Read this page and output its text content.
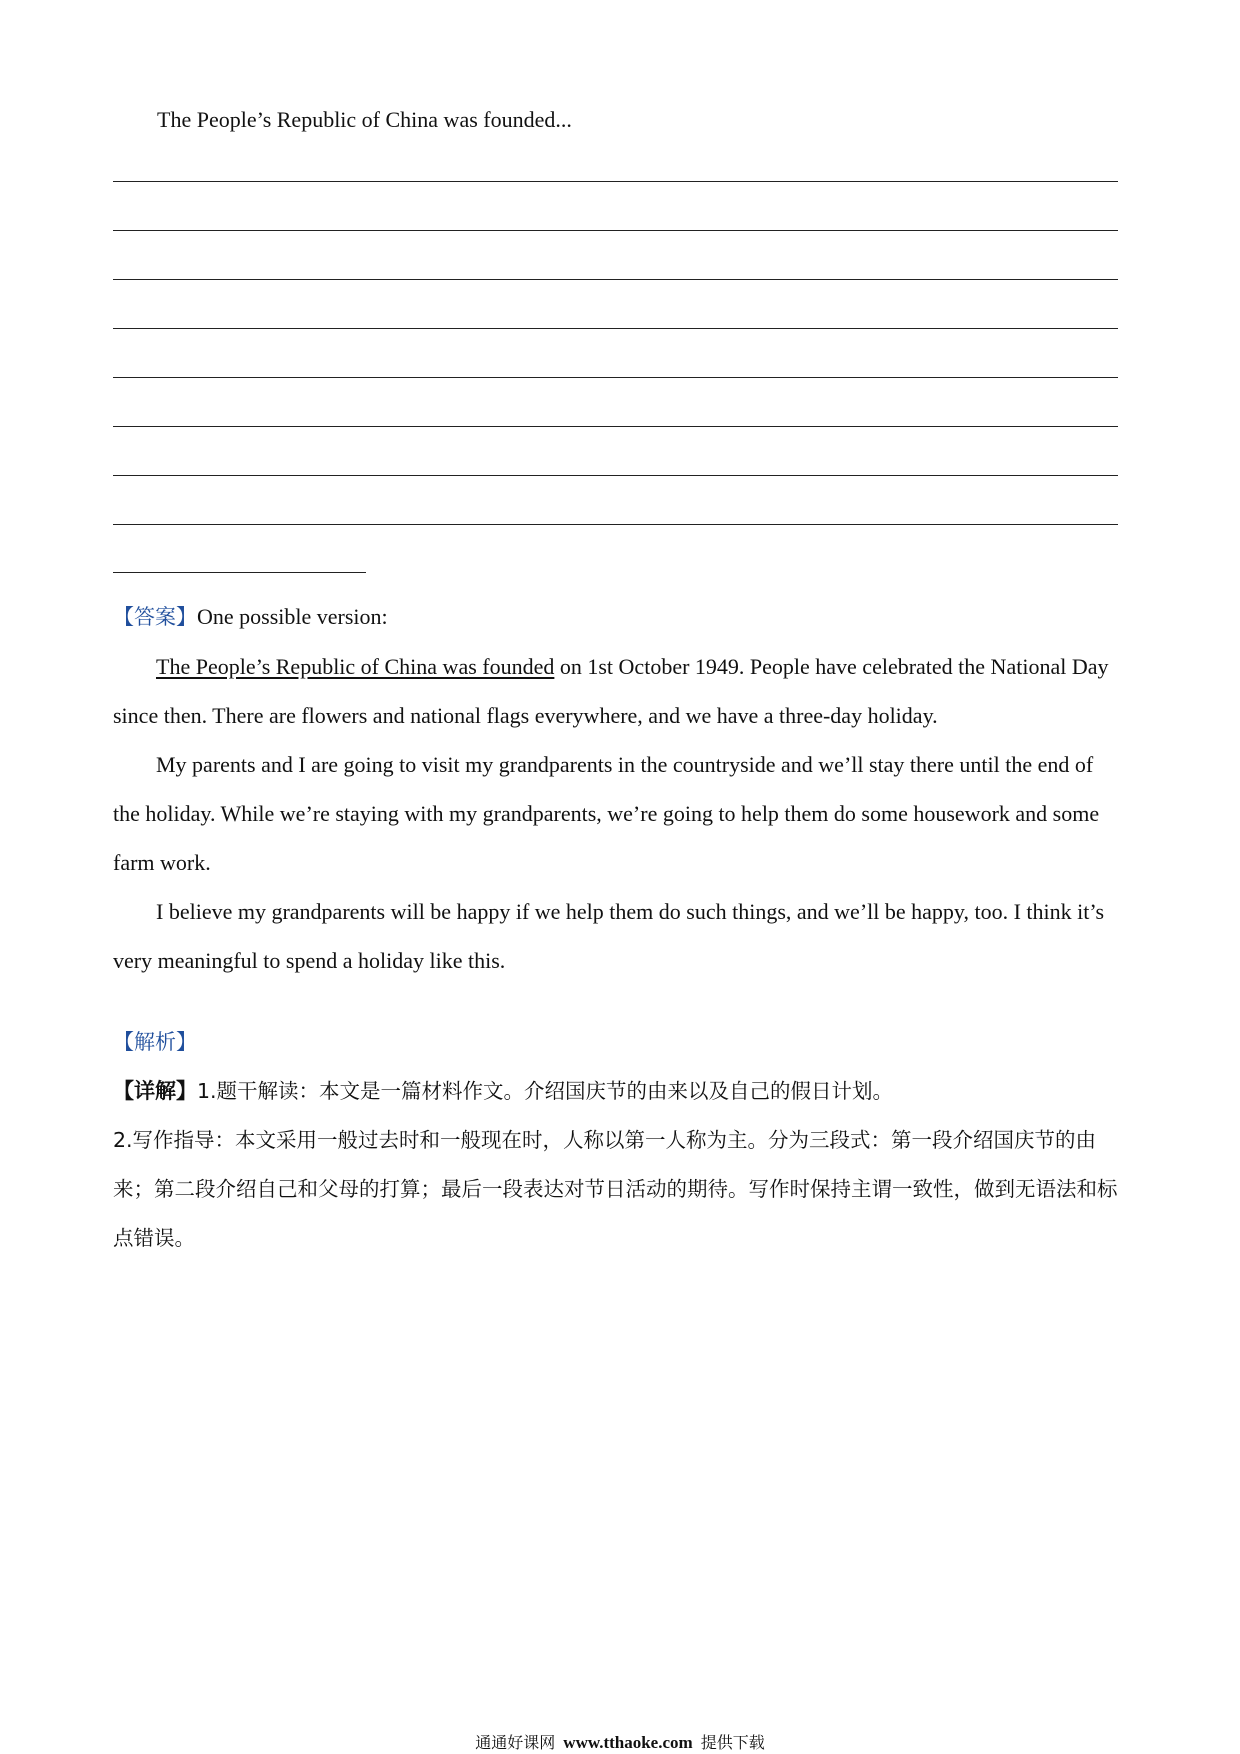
The People’s Republic of China was founded...

【答案】One possible version:

The People’s Republic of China was founded on 1st October 1949. People have celebrated the National Day since then. There are flowers and national flags everywhere, and we have a three-day holiday.

My parents and I are going to visit my grandparents in the countryside and we’ll stay there until the end of the holiday. While we’re staying with my grandparents, we’re going to help them do some housework and some farm work.

I believe my grandparents will be happy if we help them do such things, and we’ll be happy, too. I think it’s very meaningful to spend a holiday like this.

【解析】

【详解】1.题干解读：本文是一篇材料作文。介绍国庆节的由来以及自己的假日计划。

2.写作指导：本文采用一般过去时和一般现在时，人称以第一人称为主。分为三段式：第一段介绍国庆节的由来；第二段介绍自己和父母的打算；最后一段表达对节日活动的期待。写作时保持主谓一致性，做到无语法和标点错误。

通通好课网 www.tthaoke.com 提供下载
